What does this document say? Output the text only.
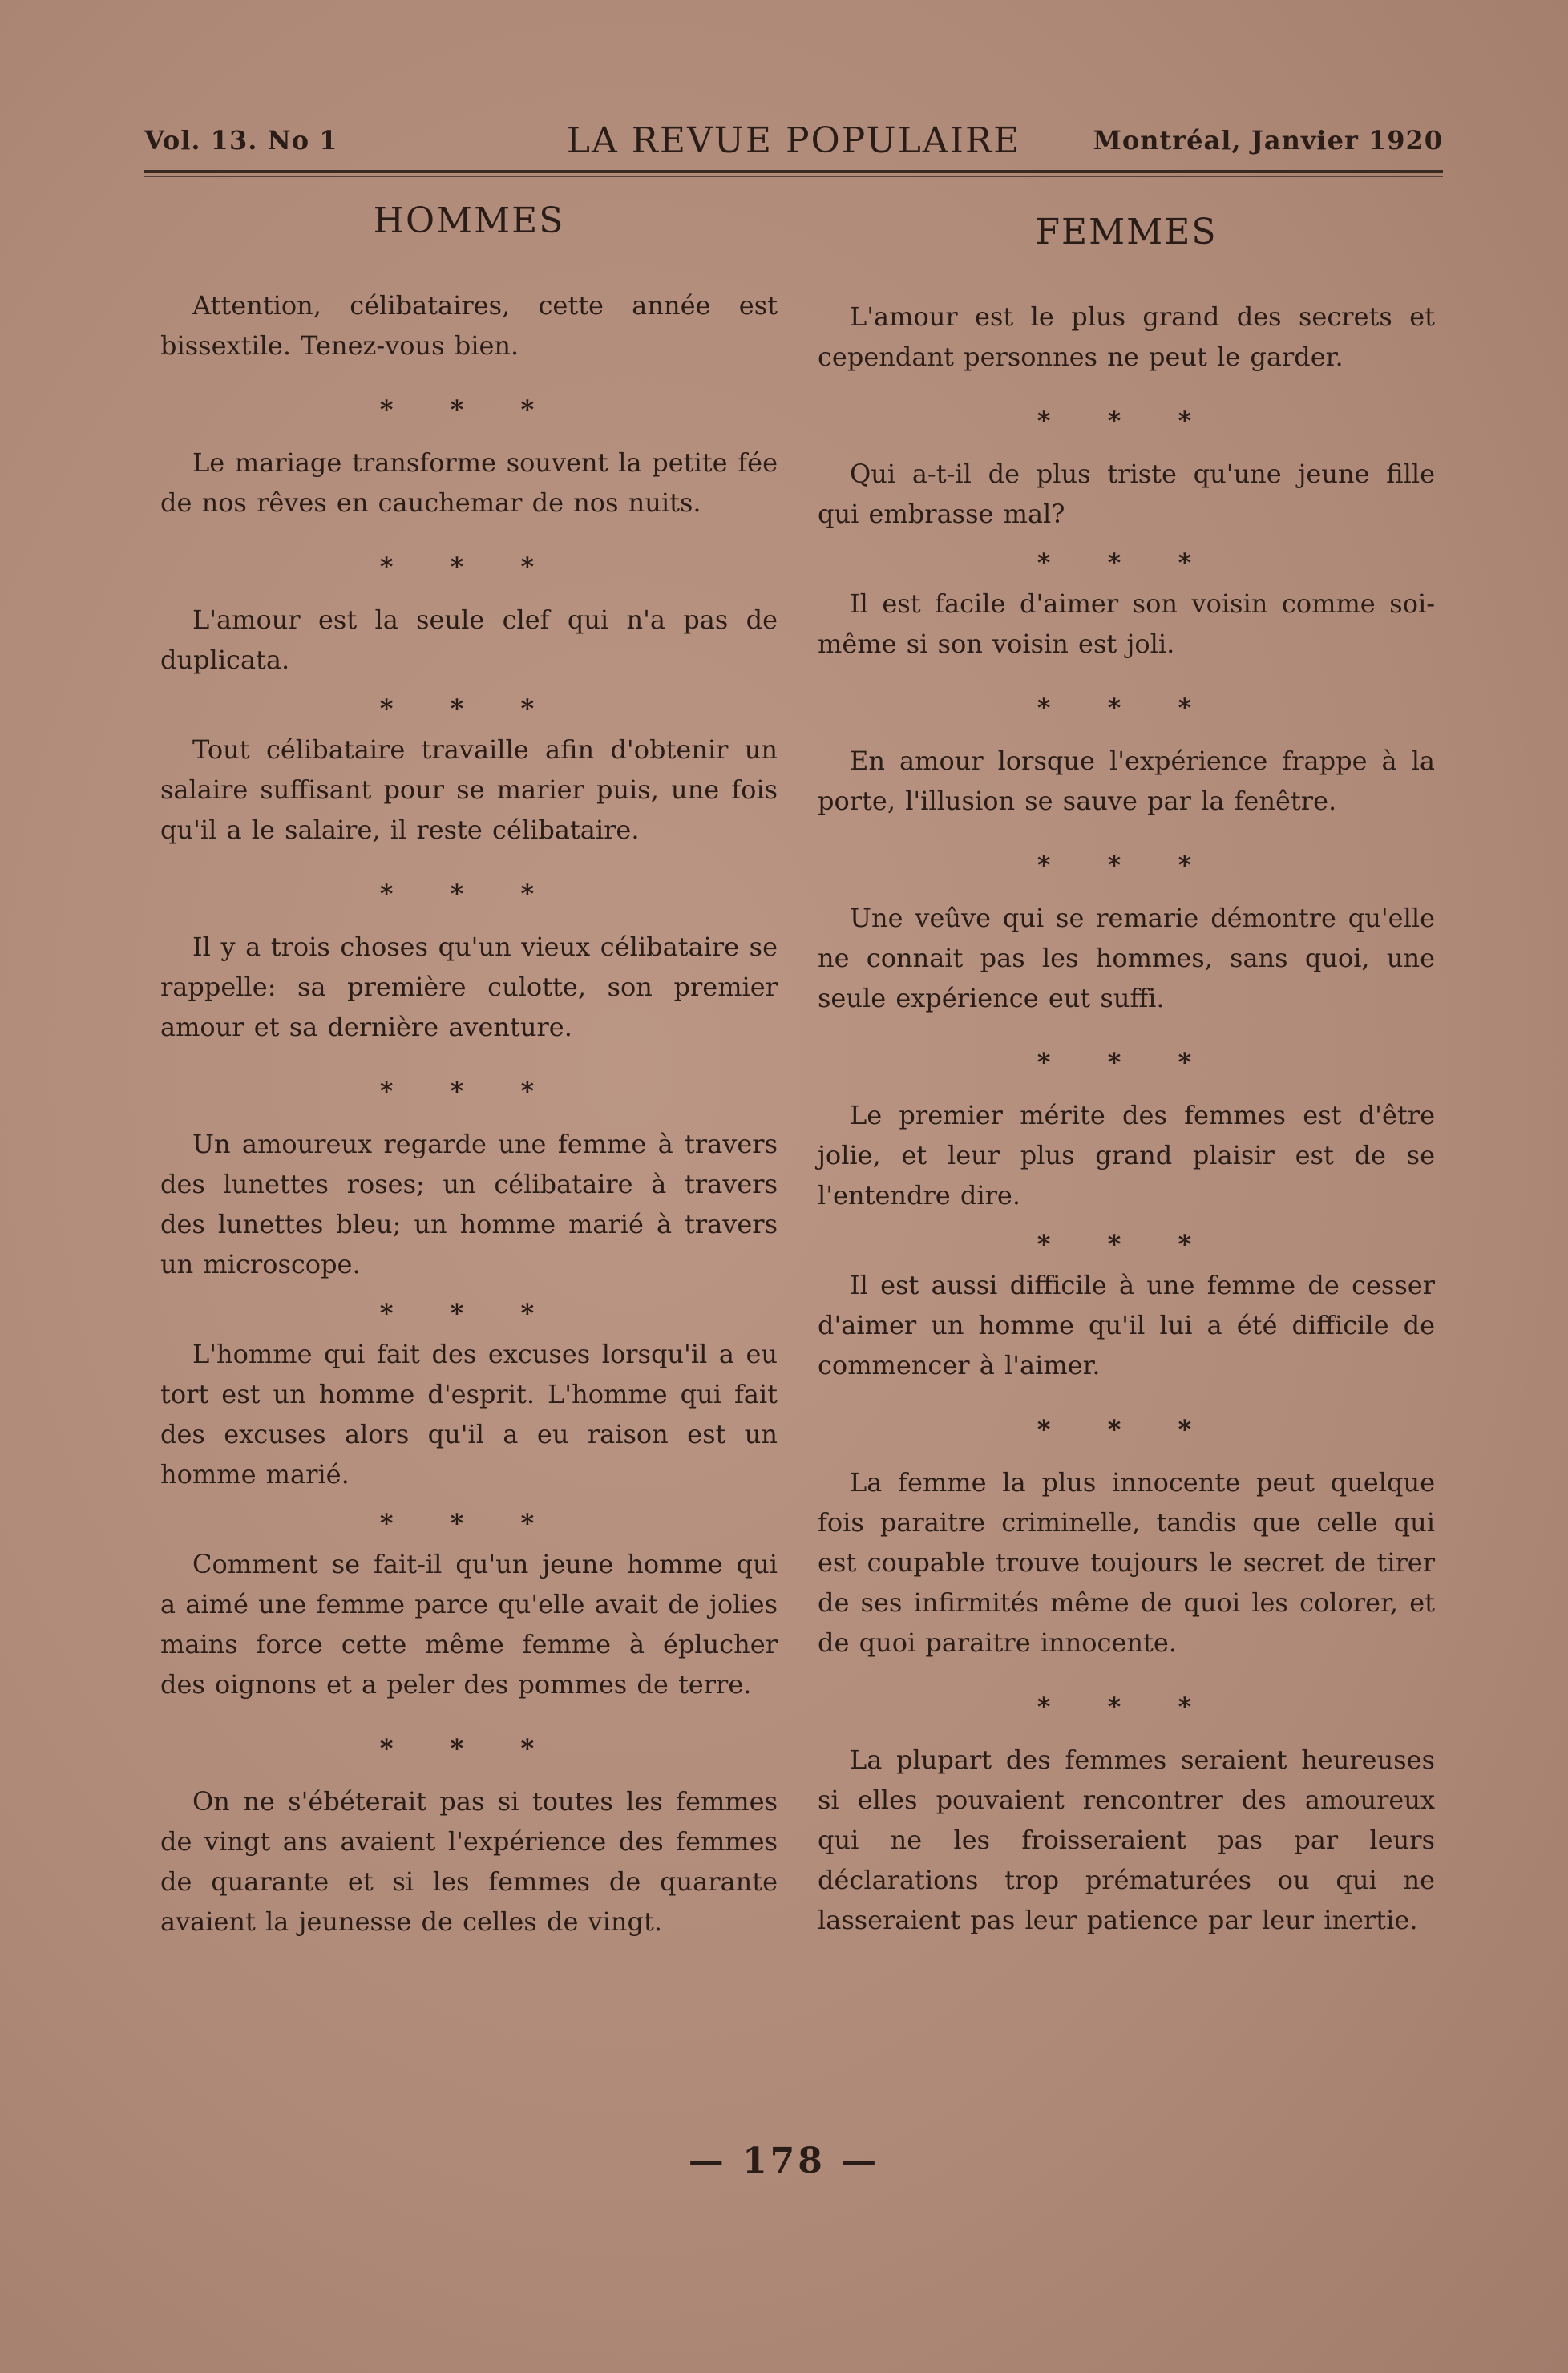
Vol. 13. No 1	LA REVUE POPULAIRE	Montréal, Janvier 1920
HOMMES

Attention, célibataires, cette année est bissextile. Tenez-vous bien.

* * *

Le mariage transforme souvent la petite fée de nos rêves en cauchemar de nos nuits.

* * *

L'amour est la seule clef qui n'a pas de duplicata.

* * *

Tout célibataire travaille afin d'obtenir un salaire suffisant pour se marier puis, une fois qu'il a le salaire, il reste célibataire.

* * *

Il y a trois choses qu'un vieux célibataire se rappelle: sa première culotte, son premier amour et sa dernière aventure.

* * *

Un amoureux regarde une femme à travers des lunettes roses; un célibataire à travers des lunettes bleu; un homme marié à travers un microscope.

* * *

L'homme qui fait des excuses lorsqu'il a eu tort est un homme d'esprit. L'homme qui fait des excuses alors qu'il a eu raison est un homme marié.

* * *

Comment se fait-il qu'un jeune homme qui a aimé une femme parce qu'elle avait de jolies mains force cette même femme à éplucher des oignons et a peler des pommes de terre.

* * *

On ne s'ébéterait pas si toutes les femmes de vingt ans avaient l'expérience des femmes de quarante et si les femmes de quarante avaient la jeunesse de celles de vingt.

FEMMES

L'amour est le plus grand des secrets et cependant personnes ne peut le garder.

* * *

Qui a-t-il de plus triste qu'une jeune fille qui embrasse mal?

* * *

Il est facile d'aimer son voisin comme soi-même si son voisin est joli.

* * *

En amour lorsque l'expérience frappe à la porte, l'illusion se sauve par la fenêtre.

* * *

Une veûve qui se remarie démontre qu'elle ne connait pas les hommes, sans quoi, une seule expérience eut suffi.

* * *

Le premier mérite des femmes est d'être jolie, et leur plus grand plaisir est de se l'entendre dire.

* * *

Il est aussi difficile à une femme de cesser d'aimer un homme qu'il lui a été difficile de commencer à l'aimer.

* * *

La femme la plus innocente peut quelque fois paraitre criminelle, tandis que celle qui est coupable trouve toujours le secret de tirer de ses infirmités même de quoi les colorer, et de quoi paraitre innocente.

* * *

La plupart des femmes seraient heureuses si elles pouvaient rencontrer des amoureux qui ne les froisseraient pas par leurs déclarations trop prématurées ou qui ne lasseraient pas leur patience par leur inertie.

— 178 —
